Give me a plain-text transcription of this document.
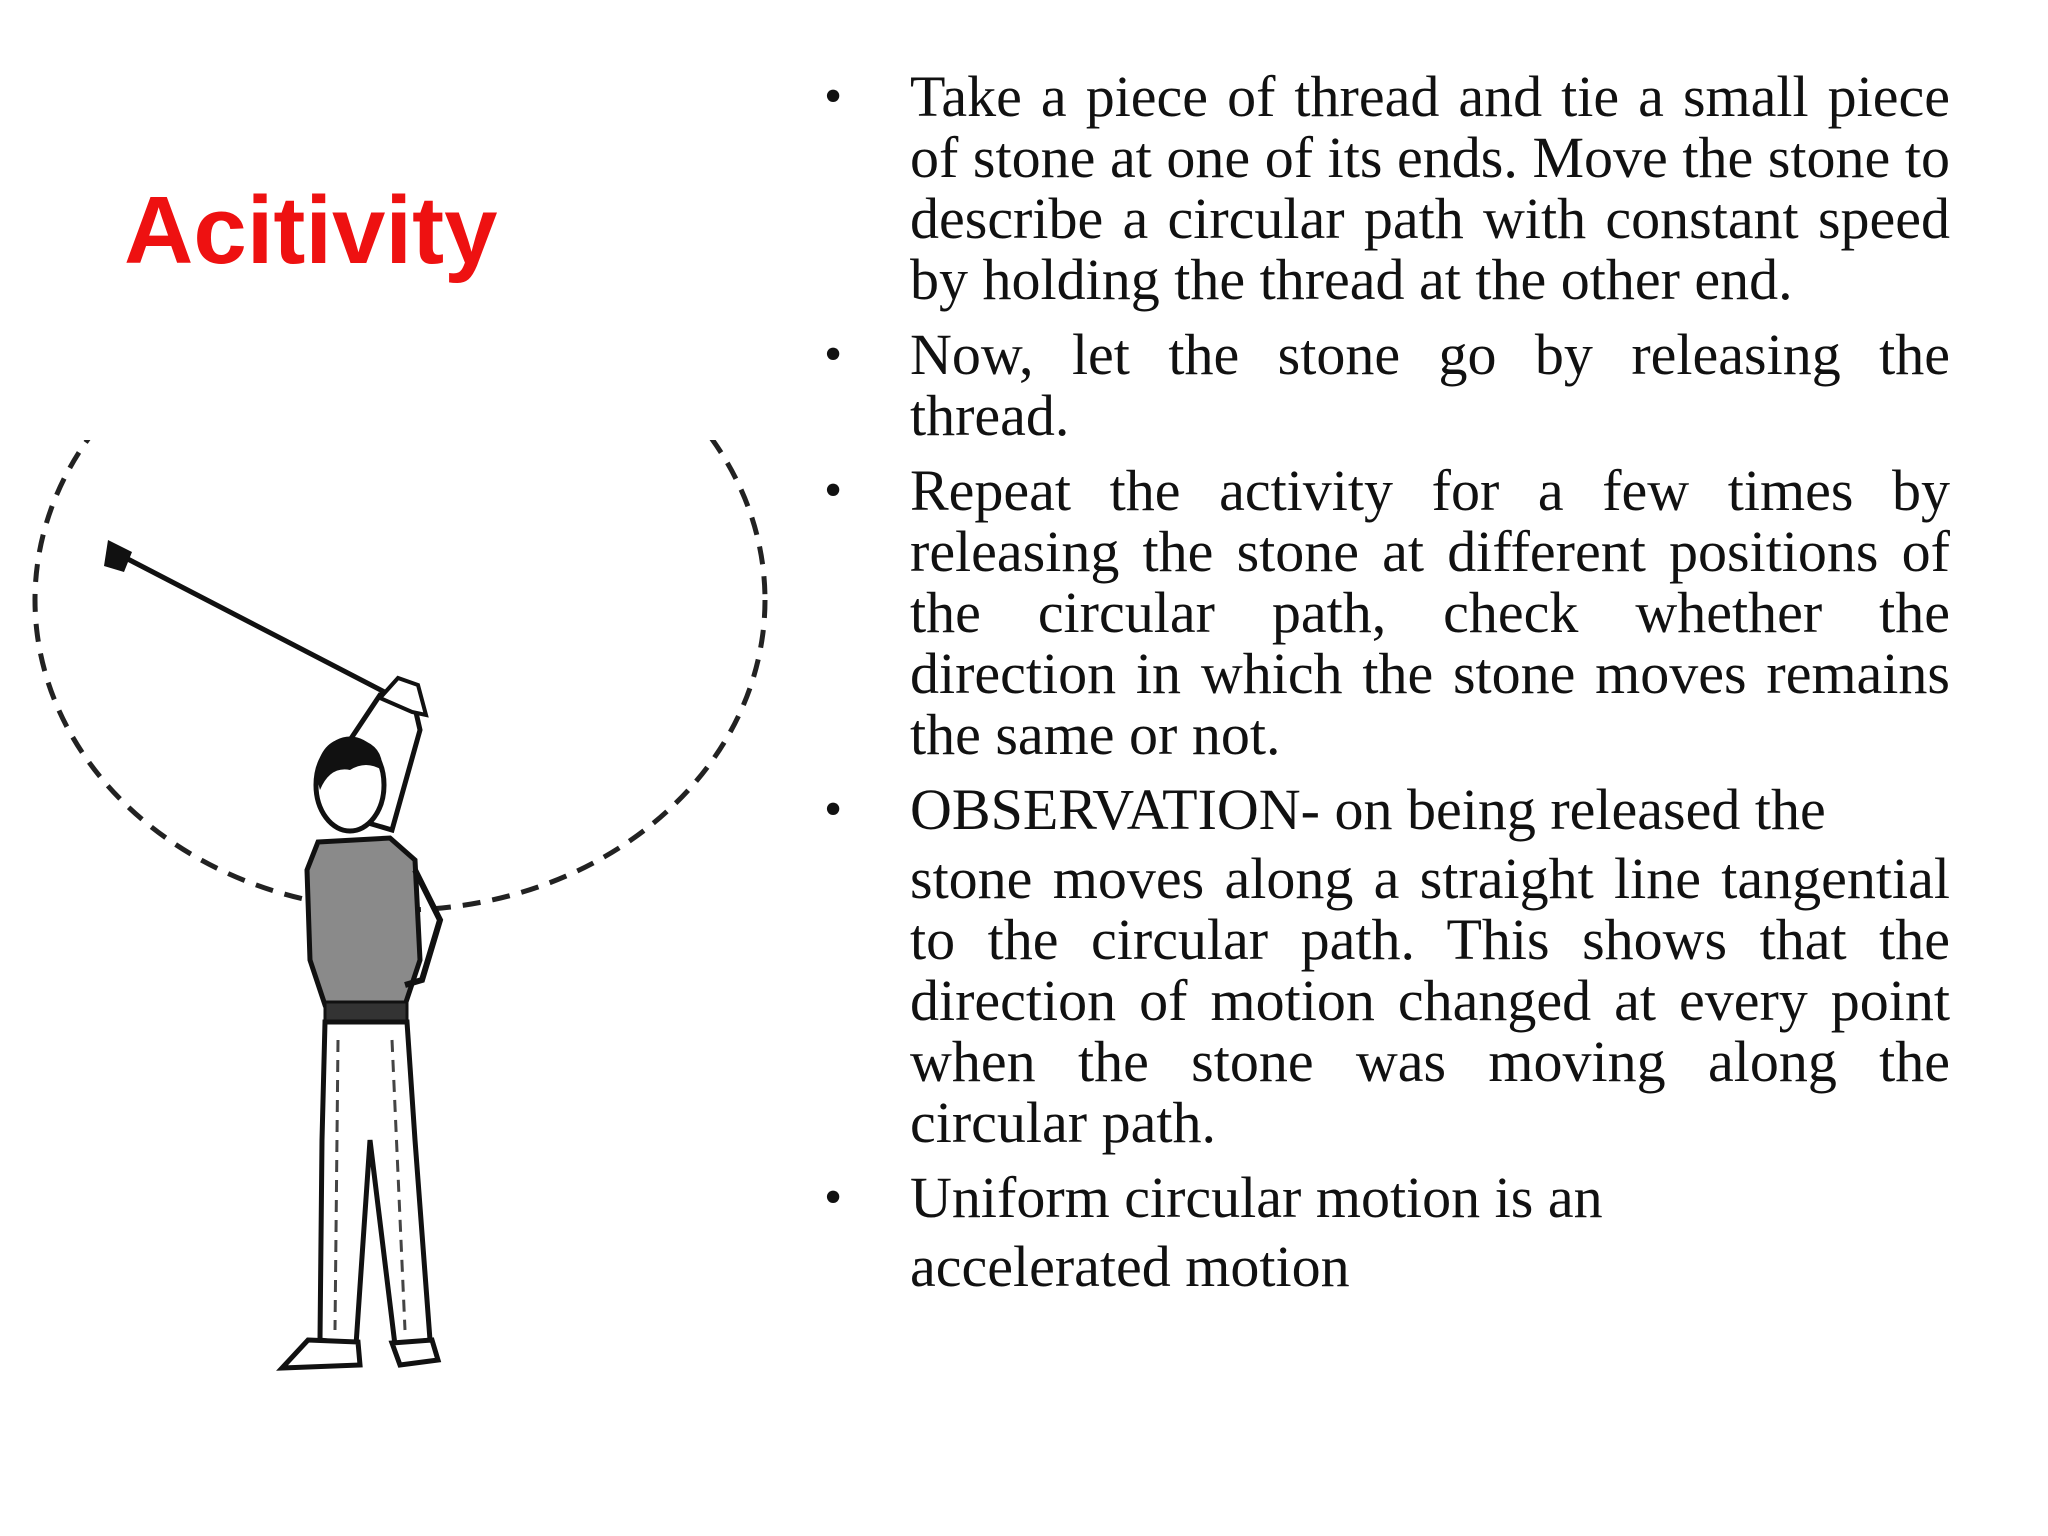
Acitivity
• Take a piece of thread and tie a small piece of stone at one of its ends. Move the stone to describe a circular path with constant speed by holding the thread at the other end.
• Now, let the stone go by releasing the thread.
• Repeat the activity for a few times by releasing the stone at different positions of the circular path, check whether the direction in which the stone moves remains the same or not.
• OBSERVATION- on being released the
stone moves along a straight line tangential to the circular path. This shows that the direction of motion changed at every point when the stone was moving along the circular path.
• Uniform circular motion is an
accelerated motion
